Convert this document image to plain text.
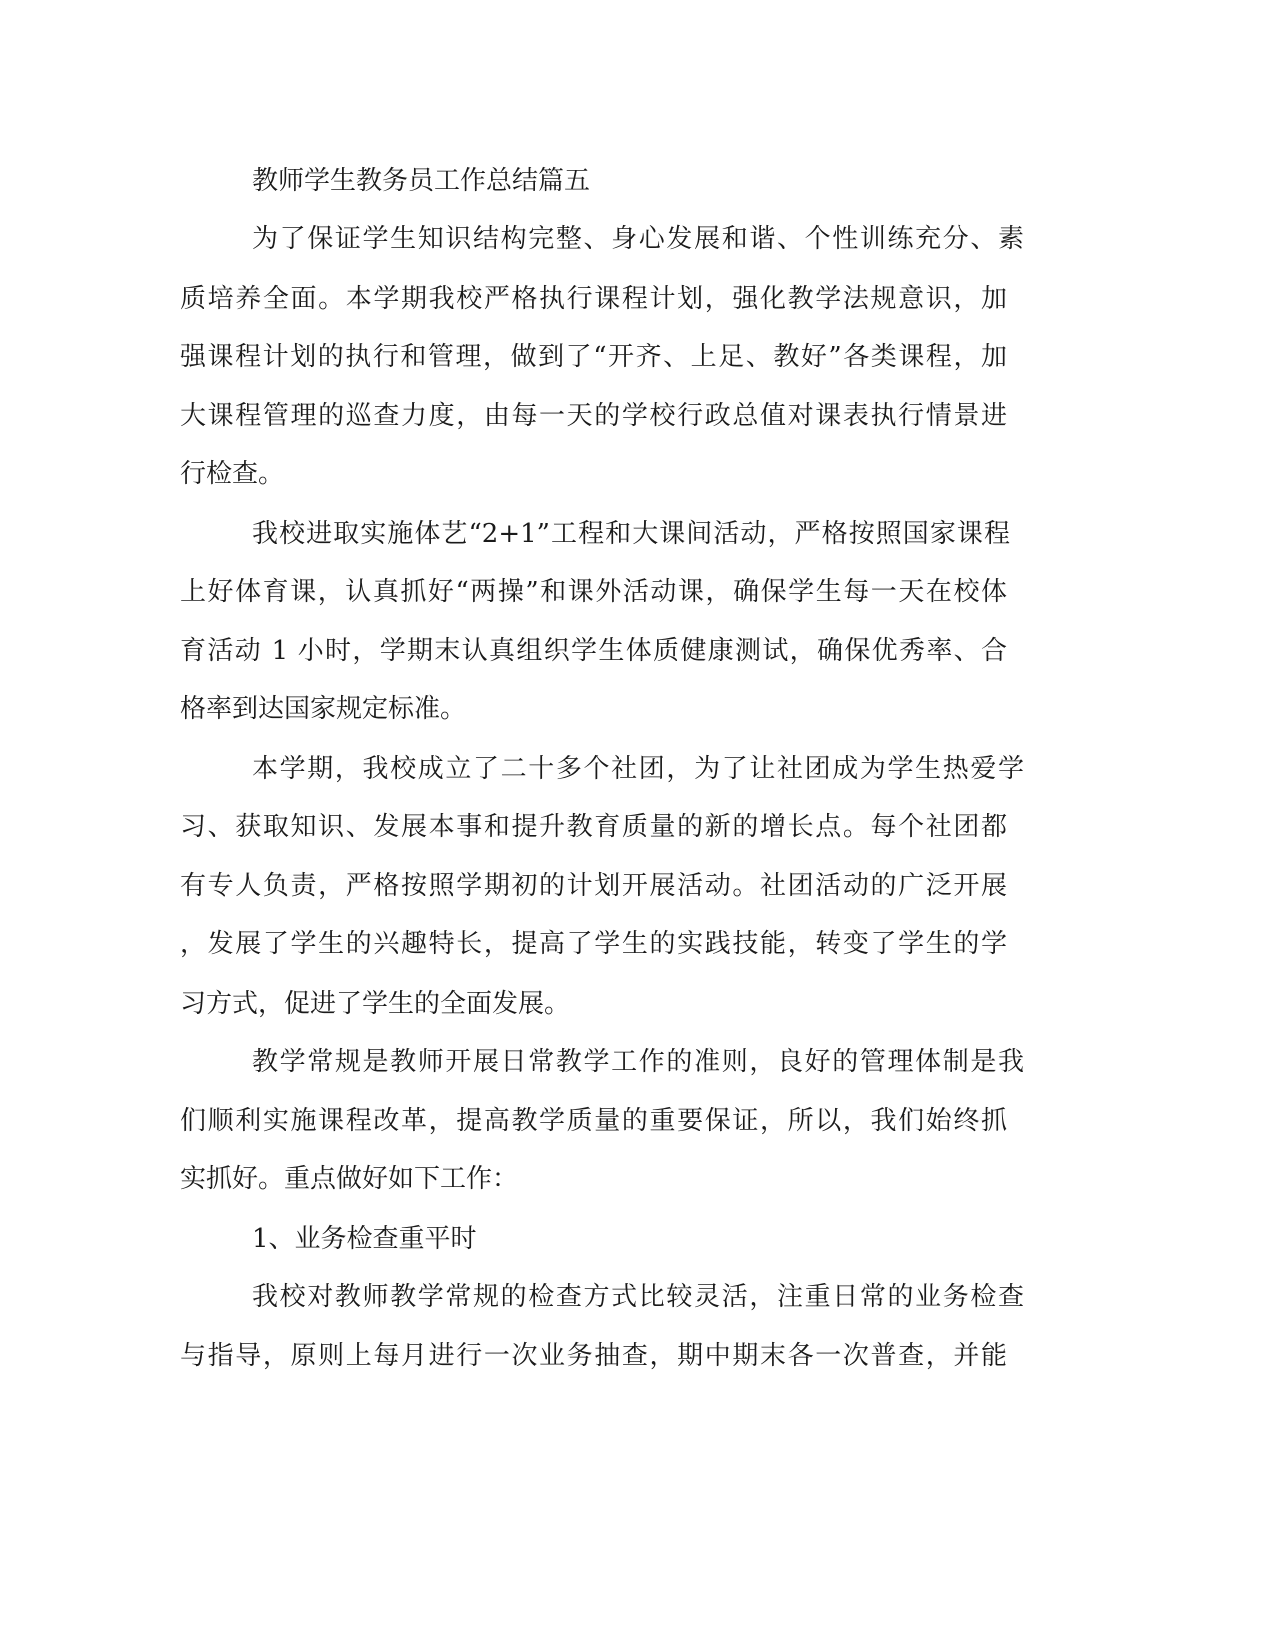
教师学生教务员工作总结篇五
为了保证学生知识结构完整、身心发展和谐、个性训练充分、素
质培养全面。本学期我校严格执行课程计划，强化教学法规意识，加
强课程计划的执行和管理，做到了“开齐、上足、教好”各类课程，加
大课程管理的巡查力度，由每一天的学校行政总值对课表执行情景进
行检查。
我校进取实施体艺“2+1”工程和大课间活动，严格按照国家课程
上好体育课，认真抓好“两操”和课外活动课，确保学生每一天在校体
育活动 1 小时，学期末认真组织学生体质健康测试，确保优秀率、合
格率到达国家规定标准。
本学期，我校成立了二十多个社团，为了让社团成为学生热爱学
习、获取知识、发展本事和提升教育质量的新的增长点。每个社团都
有专人负责，严格按照学期初的计划开展活动。社团活动的广泛开展
，发展了学生的兴趣特长，提高了学生的实践技能，转变了学生的学
习方式，促进了学生的全面发展。
教学常规是教师开展日常教学工作的准则，良好的管理体制是我
们顺利实施课程改革，提高教学质量的重要保证，所以，我们始终抓
实抓好。重点做好如下工作：
1、业务检查重平时
我校对教师教学常规的检查方式比较灵活，注重日常的业务检查
与指导，原则上每月进行一次业务抽查，期中期末各一次普查，并能
